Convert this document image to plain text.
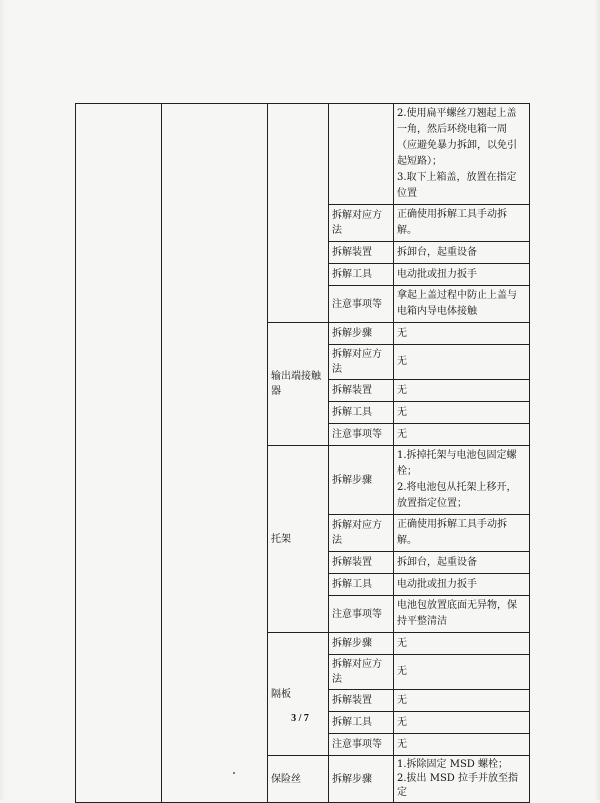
				2.使用扁平螺丝刀翘起上盖一角，然后环绕电箱一周（应避免暴力拆卸，以免引起短路）；
3.取下上箱盖，放置在指定位置
			拆解对应方法	正确使用拆解工具手动拆解。
			拆解装置	拆卸台，起重设备
			拆解工具	电动批或扭力扳手
			注意事项等	拿起上盖过程中防止上盖与电箱内导电体接触
		输出端接触器	拆解步骤	无
			拆解对应方法	无
			拆解装置	无
			拆解工具	无
			注意事项等	无
		托架	拆解步骤	1.拆掉托架与电池包固定螺栓；
2.将电池包从托架上移开，放置指定位置；
			拆解对应方法	正确使用拆解工具手动拆解。
			拆解装置	拆卸台，起重设备
			拆解工具	电动批或扭力扳手
			注意事项等	电池包放置底面无异物，保持平整清洁
		隔板	拆解步骤	无
			拆解对应方法	无
			拆解装置	无
			拆解工具	无
			注意事项等	无
		保险丝	拆解步骤	1.拆除固定 MSD 螺栓；
2.拔出 MSD 拉手并放至指定
3 / 7
